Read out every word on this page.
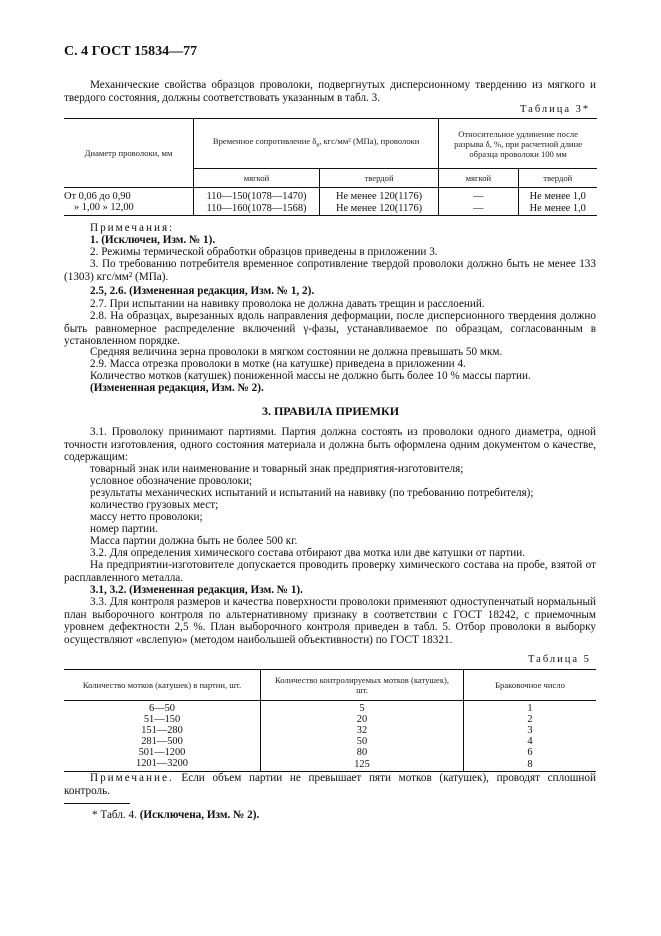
С. 4 ГОСТ 15834—77

Механические свойства образцов проволоки, подвергнутых дисперсионному твердению из мягкого и твердого состояния, должны соответствовать указанным в табл. 3.

Таблица 3*
Диаметр проволоки, мм	Временное сопротивление $\delta_в$, кгс/мм² (МПа), проволоки		Относительное удлинение после разрыва δ, %, при расчетной длине образца проволоки 100 мм	
	мягкой	твердой	мягкой	твердой
От 0,06 до 0,90	110—150(1078—1470)	Не менее 120(1176)	—	Не менее 1,0
» 1,00 » 12,00	110—160(1078—1568)	Не менее 120(1176)	—	Не менее 1,0
Примечания:
1. (Исключен, Изм. № 1).
2. Режимы термической обработки образцов приведены в приложении 3.

3. По требованию потребителя временное сопротивление твердой проволоки должно быть не менее 133 (1303) кгс/мм² (МПа).

2.5, 2.6. (Измененная редакция, Изм. № 1, 2).
2.7. При испытании на навивку проволока не должна давать трещин и расслоений.

2.8. На образцах, вырезанных вдоль направления деформации, после дисперсионного твердения должно быть равномерное распределение включений γ-фазы, устанавливаемое по образцам, согласованным в установленном порядке.

Средняя величина зерна проволоки в мягком состоянии не должна превышать 50 мкм.
2.9. Масса отрезка проволоки в мотке (на катушке) приведена в приложении 4.
Количество мотков (катушек) пониженной массы не должно быть более 10 % массы партии.
(Измененная редакция, Изм. № 2).
3. ПРАВИЛА ПРИЕМКИ

3.1. Проволоку принимают партиями. Партия должна состоять из проволоки одного диаметра, одной точности изготовления, одного состояния материала и должна быть оформлена одним документом о качестве, содержащим:

товарный знак или наименование и товарный знак предприятия-изготовителя;
условное обозначение проволоки;
результаты механических испытаний и испытаний на навивку (по требованию потребителя);
количество грузовых мест;
массу нетто проволоки;
номер партии.
Масса партии должна быть не более 500 кг.
3.2. Для определения химического состава отбирают два мотка или две катушки от партии.

На предприятии-изготовителе допускается проводить проверку химического состава на пробе, взятой от расплавленного металла.

3.1, 3.2. (Измененная редакция, Изм. № 1).

3.3. Для контроля размеров и качества поверхности проволоки применяют одноступенчатый нормальный план выборочного контроля по альтернативному признаку в соответствии с ГОСТ 18242, с приемочным уровнем дефектности 2,5 %. План выборочного контроля приведен в табл. 5. Отбор проволоки в выборку осуществляют «вслепую» (методом наибольшей объективности) по ГОСТ 18321.

Таблица 5
Количество мотков (катушек) в партии, шт.	Количество контролируемых мотков (катушек), шт.	Браковочное число
6—50	5	1
51—150	20	2
151—280	32	3
281—500	50	4
501—1200	80	6
1201—3200	125	8

Примечание. Если объем партии не превышает пяти мотков (катушек), проводят сплошной контроль.

* Табл. 4. (Исключена, Изм. № 2).
